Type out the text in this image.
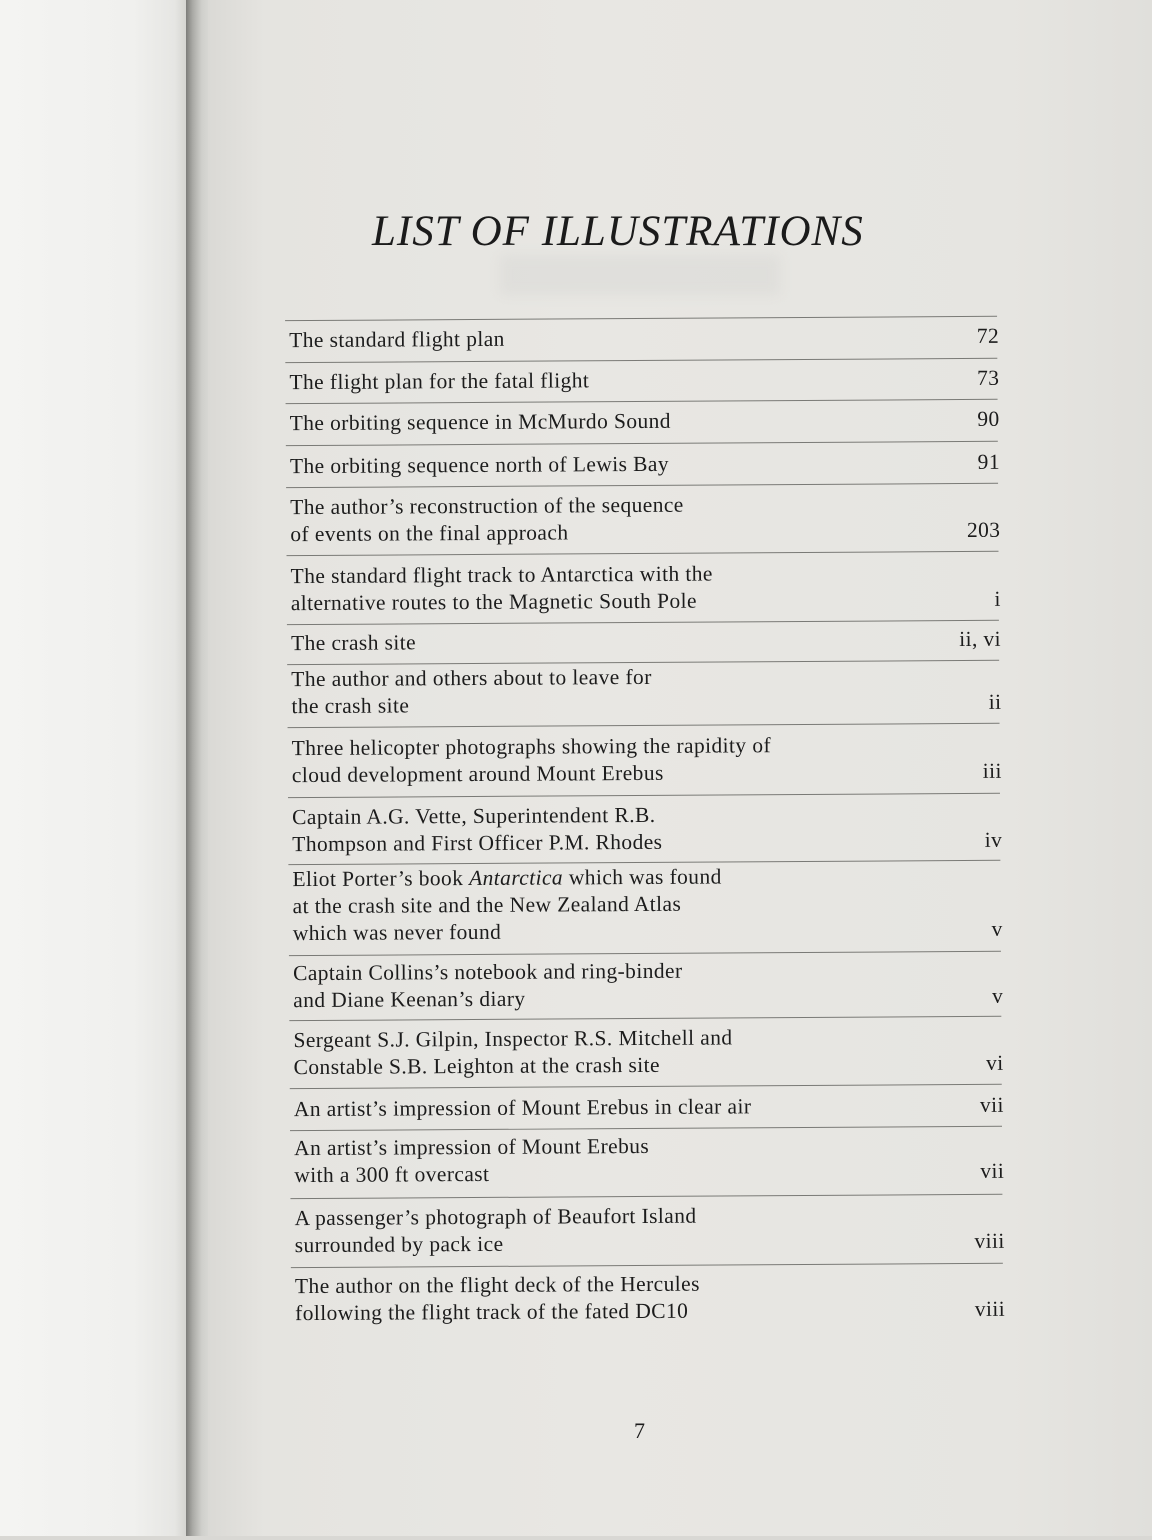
LIST OF ILLUSTRATIONS
The standard flight plan	72
The flight plan for the fatal flight	73
The orbiting sequence in McMurdo Sound	90
The orbiting sequence north of Lewis Bay	91
The author’s reconstruction of the sequence
of events on the final approach	203
The standard flight track to Antarctica with the
alternative routes to the Magnetic South Pole	i
The crash site	ii, vi
The author and others about to leave for
the crash site	ii
Three helicopter photographs showing the rapidity of
cloud development around Mount Erebus	iii
Captain A.G. Vette, Superintendent R.B.
Thompson and First Officer P.M. Rhodes	iv
Eliot Porter’s book Antarctica which was found
at the crash site and the New Zealand Atlas
which was never found	v
Captain Collins’s notebook and ring-binder
and Diane Keenan’s diary	v
Sergeant S.J. Gilpin, Inspector R.S. Mitchell and
Constable S.B. Leighton at the crash site	vi
An artist’s impression of Mount Erebus in clear air	vii
An artist’s impression of Mount Erebus
with a 300 ft overcast	vii
A passenger’s photograph of Beaufort Island
surrounded by pack ice	viii
The author on the flight deck of the Hercules
following the flight track of the fated DC10	viii
7
